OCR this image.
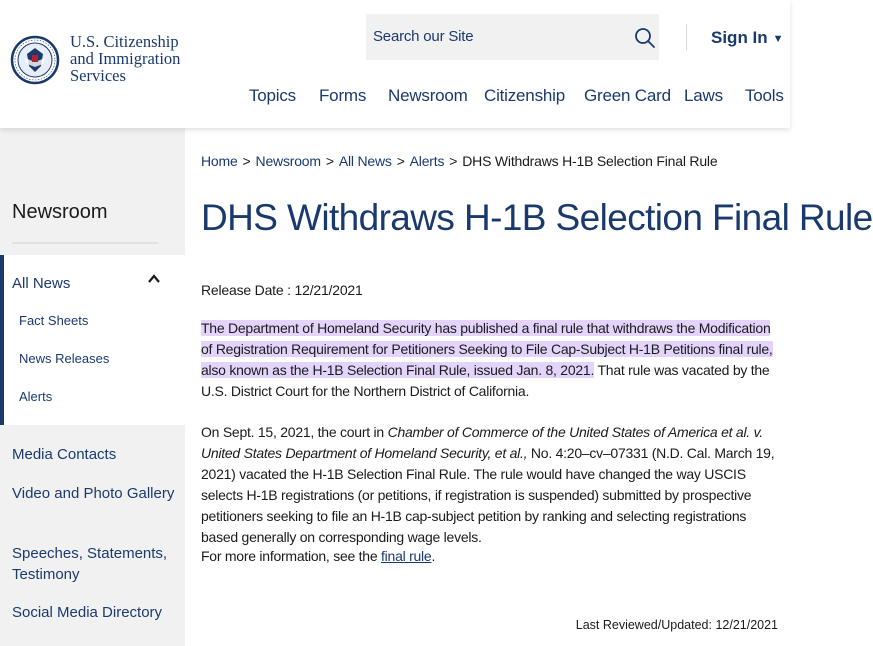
U.S. Citizenship
and Immigration
Services
Search our Site	Sign In ▼
Topics Forms Newsroom Citizenship Green Card Laws Tools
Newsroom
All News
Fact Sheets
News Releases
Alerts
Media Contacts
Video and Photo Gallery
Speeches, Statements, Testimony
Social Media Directory
Home > Newsroom > All News > Alerts > DHS Withdraws H-1B Selection Final Rule
DHS Withdraws H-1B Selection Final Rule
Release Date : 12/21/2021

The Department of Homeland Security has published a final rule that withdraws the Modification of Registration Requirement for Petitioners Seeking to File Cap-Subject H-1B Petitions final rule, also known as the H-1B Selection Final Rule, issued Jan. 8, 2021. That rule was vacated by the U.S. District Court for the Northern District of California.

On Sept. 15, 2021, the court in Chamber of Commerce of the United States of America et al. v. United States Department of Homeland Security, et al., No. 4:20–cv–07331 (N.D. Cal. March 19, 2021) vacated the H-1B Selection Final Rule. The rule would have changed the way USCIS selects H-1B registrations (or petitions, if registration is suspended) submitted by prospective petitioners seeking to file an H-1B cap-subject petition by ranking and selecting registrations based generally on corresponding wage levels.

For more information, see the final rule.

Last Reviewed/Updated: 12/21/2021
